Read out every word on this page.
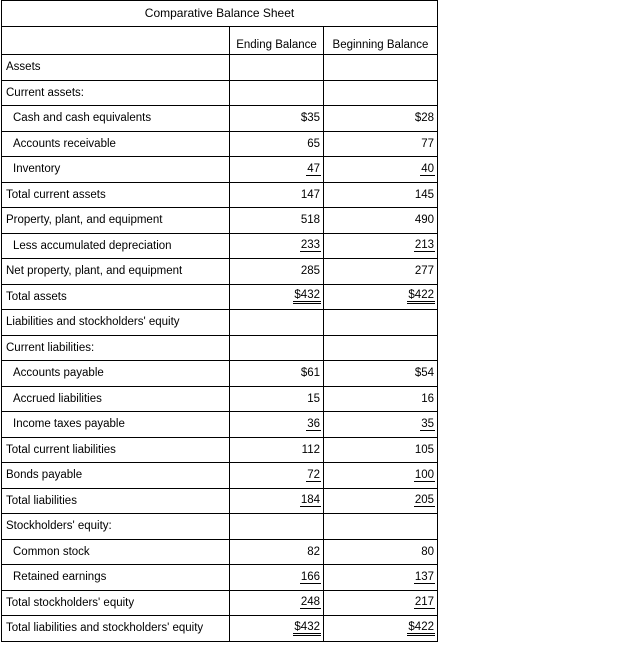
Comparative Balance Sheet		
	Ending Balance	Beginning Balance
Assets		
Current assets:		
Cash and cash equivalents	$35	$28
Accounts receivable	65	77
Inventory	47	40
Total current assets	147	145
Property, plant, and equipment	518	490
Less accumulated depreciation	233	213
Net property, plant, and equipment	285	277
Total assets	$432	$422
Liabilities and stockholders' equity		
Current liabilities:		
Accounts payable	$61	$54
Accrued liabilities	15	16
Income taxes payable	36	35
Total current liabilities	112	105
Bonds payable	72	100
Total liabilities	184	205
Stockholders' equity:		
Common stock	82	80
Retained earnings	166	137
Total stockholders' equity	248	217
Total liabilities and stockholders' equity	$432	$422
